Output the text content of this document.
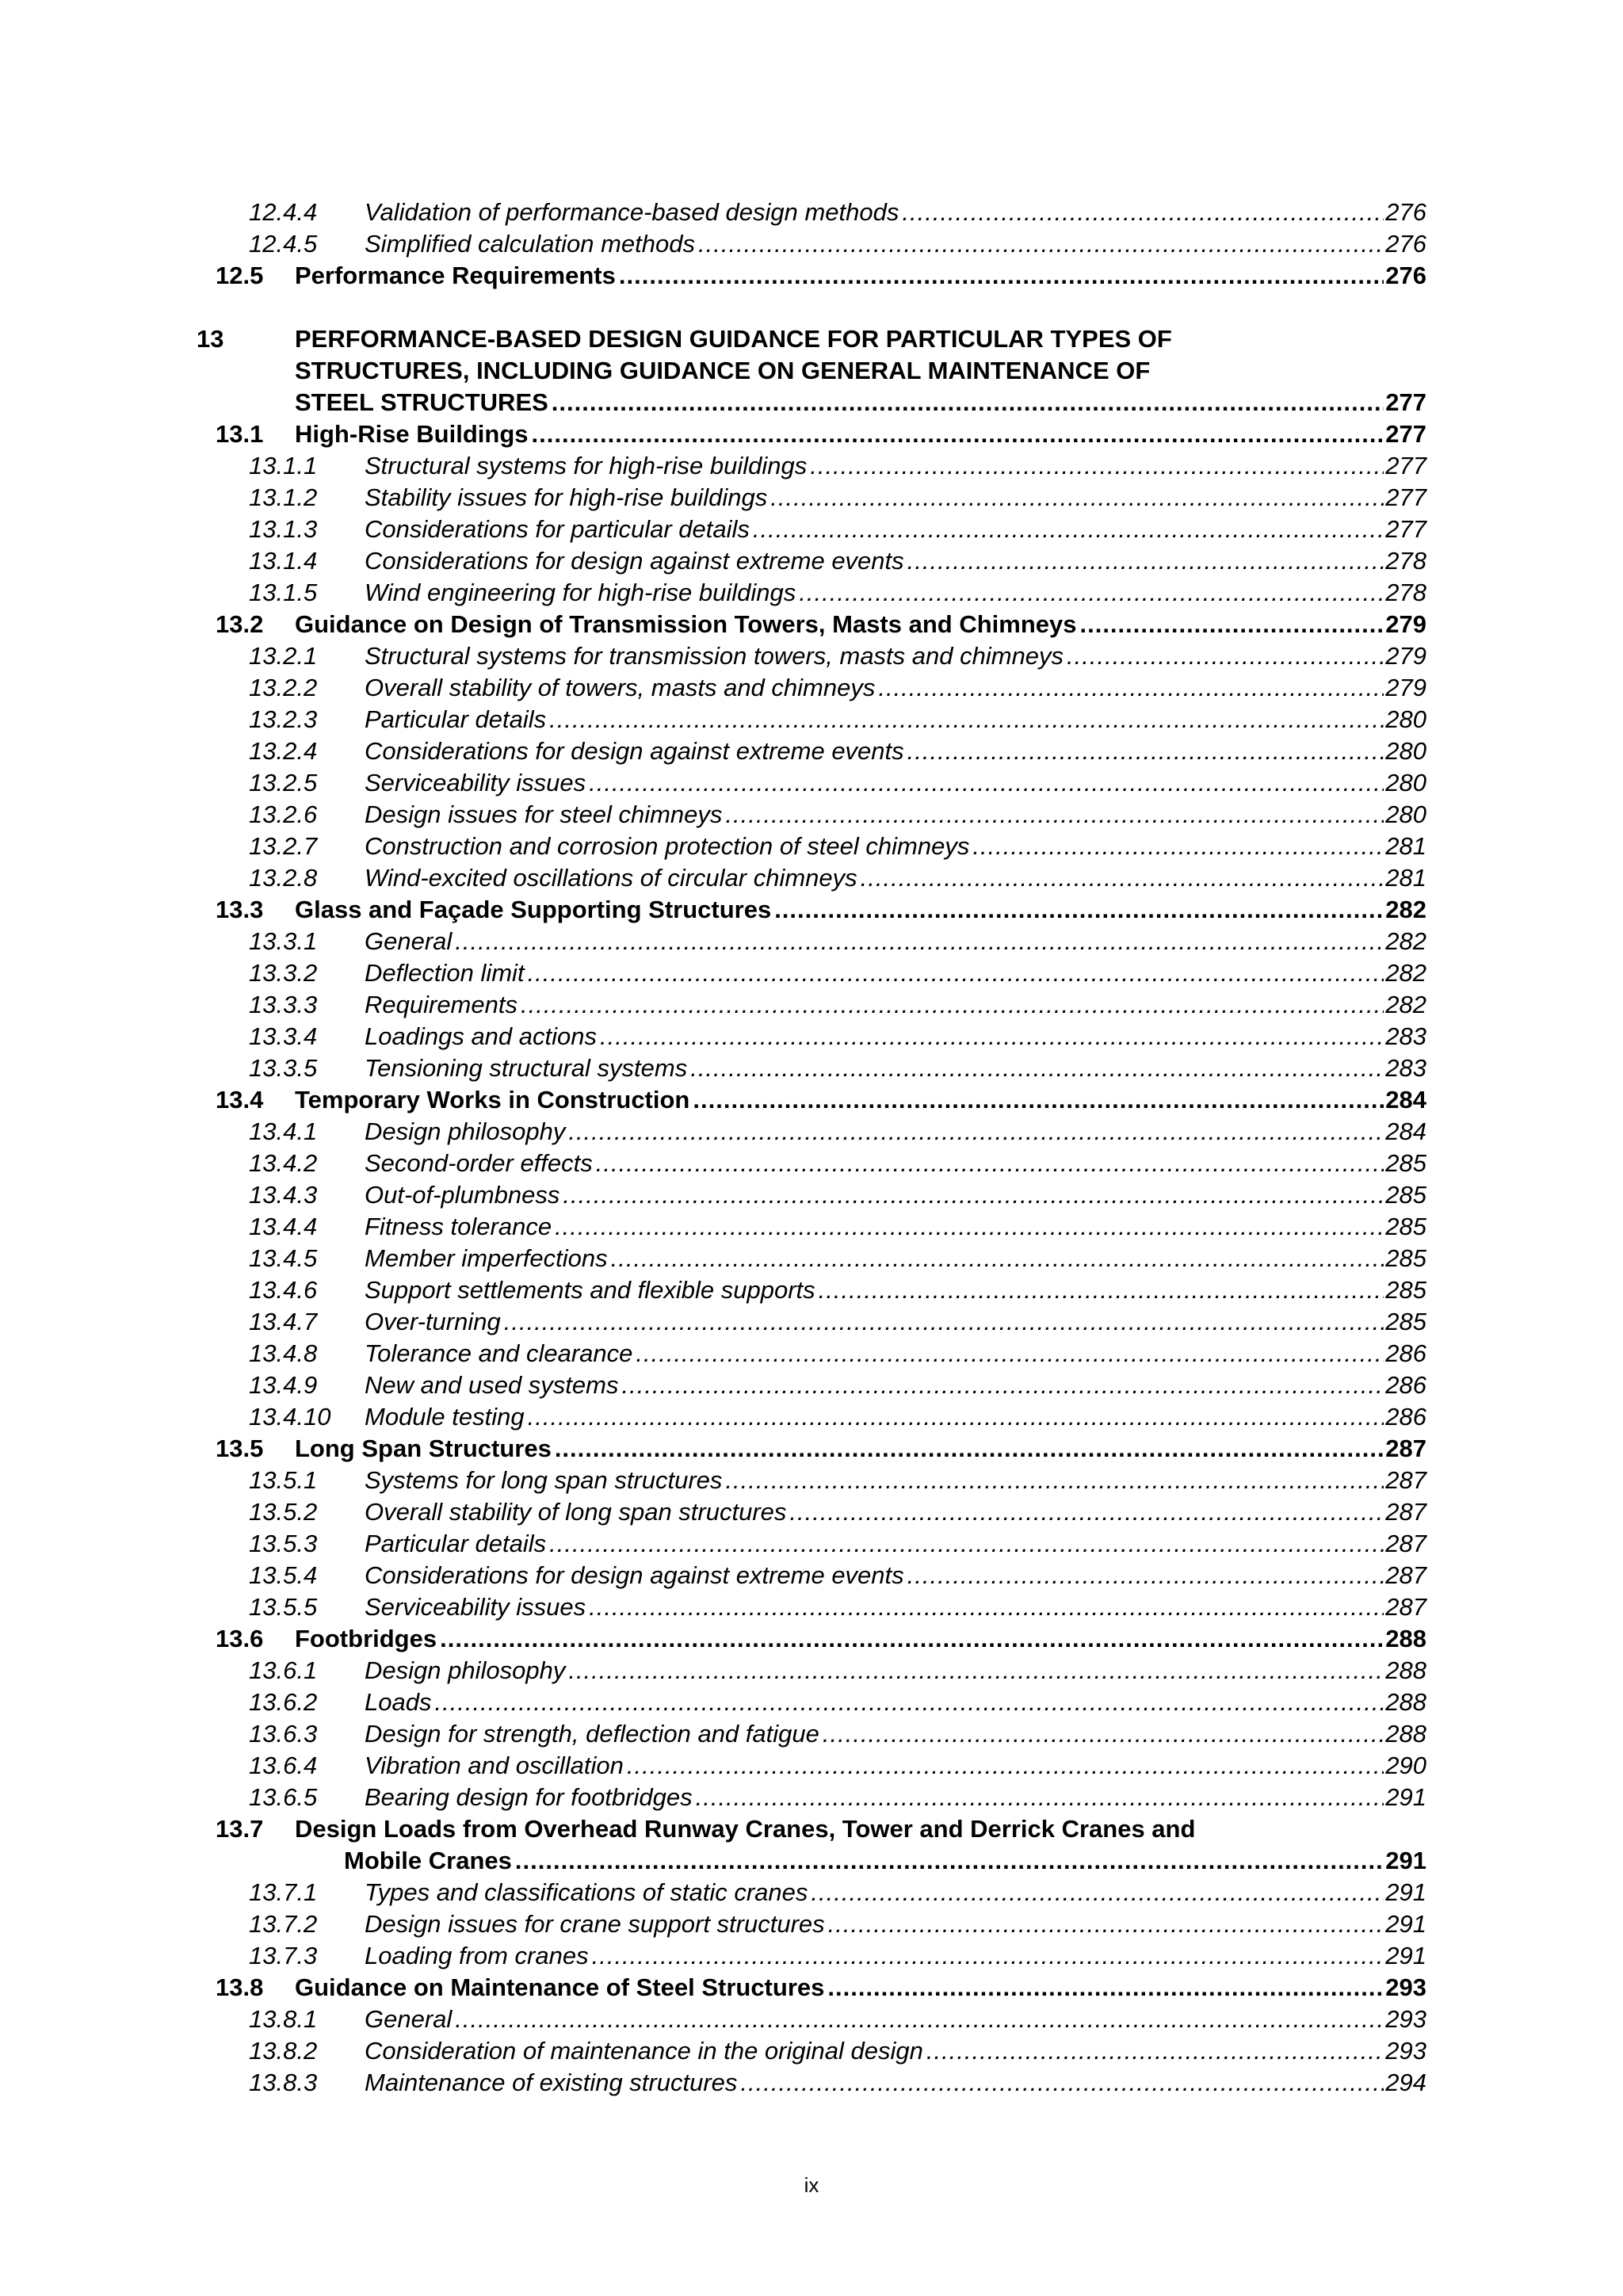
12.4.4 Validation of performance-based design methods .....	276
12.4.5 Simplified calculation methods .....	276
12.5 Performance Requirements .....	276
13	PERFORMANCE-BASED DESIGN GUIDANCE FOR PARTICULAR TYPES OF
STRUCTURES, INCLUDING GUIDANCE ON GENERAL MAINTENANCE OF
STEEL STRUCTURES .....	277
13.1 High-Rise Buildings .....	277
13.1.1 Structural systems for high-rise buildings .....	277
13.1.2 Stability issues for high-rise buildings .....	277
13.1.3 Considerations for particular details .....	277
13.1.4 Considerations for design against extreme events .....	278
13.1.5 Wind engineering for high-rise buildings .....	278
13.2 Guidance on Design of Transmission Towers, Masts and Chimneys .....	279
13.2.1 Structural systems for transmission towers, masts and chimneys .....	279
13.2.2 Overall stability of towers, masts and chimneys .....	279
13.2.3 Particular details .....	280
13.2.4 Considerations for design against extreme events .....	280
13.2.5 Serviceability issues .....	280
13.2.6 Design issues for steel chimneys .....	280
13.2.7 Construction and corrosion protection of steel chimneys .....	281
13.2.8 Wind-excited oscillations of circular chimneys .....	281
13.3 Glass and Façade Supporting Structures .....	282
13.3.1 General .....	282
13.3.2 Deflection limit .....	282
13.3.3 Requirements .....	282
13.3.4 Loadings and actions .....	283
13.3.5 Tensioning structural systems .....	283
13.4 Temporary Works in Construction .....	284
13.4.1 Design philosophy .....	284
13.4.2 Second-order effects .....	285
13.4.3 Out-of-plumbness .....	285
13.4.4 Fitness tolerance .....	285
13.4.5 Member imperfections .....	285
13.4.6 Support settlements and flexible supports .....	285
13.4.7 Over-turning .....	285
13.4.8 Tolerance and clearance .....	286
13.4.9 New and used systems .....	286
13.4.10 Module testing .....	286
13.5 Long Span Structures .....	287
13.5.1 Systems for long span structures .....	287
13.5.2 Overall stability of long span structures .....	287
13.5.3 Particular details .....	287
13.5.4 Considerations for design against extreme events .....	287
13.5.5 Serviceability issues .....	287
13.6 Footbridges .....	288
13.6.1 Design philosophy .....	288
13.6.2 Loads .....	288
13.6.3 Design for strength, deflection and fatigue .....	288
13.6.4 Vibration and oscillation .....	290
13.6.5 Bearing design for footbridges .....	291
13.7 Design Loads from Overhead Runway Cranes, Tower and Derrick Cranes and
Mobile Cranes .....	291
13.7.1 Types and classifications of static cranes .....	291
13.7.2 Design issues for crane support structures .....	291
13.7.3 Loading from cranes .....	291
13.8 Guidance on Maintenance of Steel Structures .....	293
13.8.1 General .....	293
13.8.2 Consideration of maintenance in the original design .....	293
13.8.3 Maintenance of existing structures .....	294
ix
